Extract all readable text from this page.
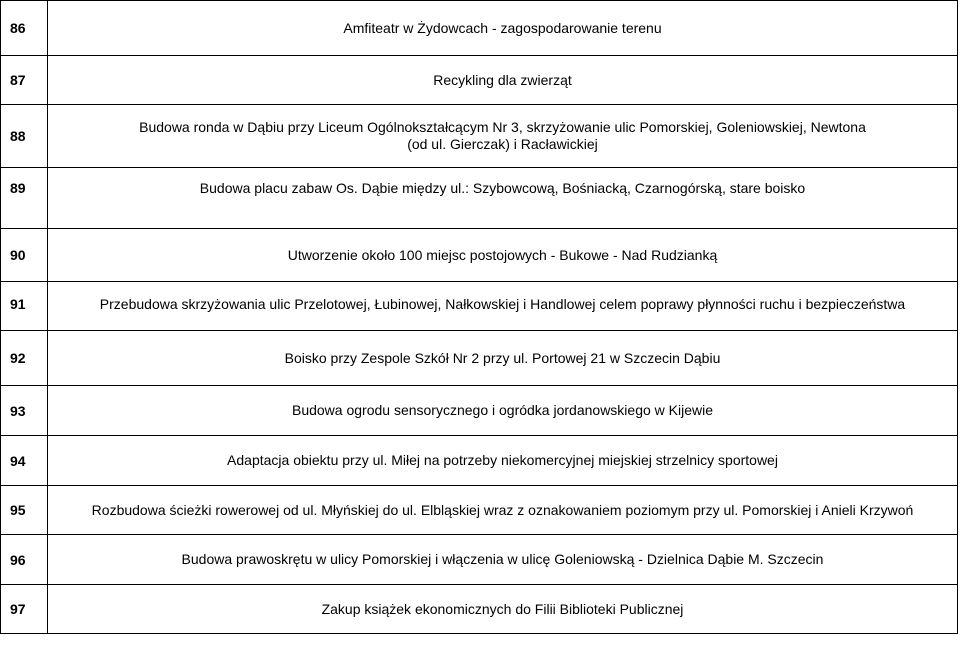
86	Amfiteatr w Żydowcach - zagospodarowanie terenu
87	Recykling dla zwierząt
88	Budowa ronda w Dąbiu przy Liceum Ogólnokształcącym Nr 3, skrzyżowanie ulic Pomorskiej, Goleniowskiej, Newtona (od ul. Gierczak) i Racławickiej
89	Budowa placu zabaw Os. Dąbie między ul.: Szybowcową, Bośniacką, Czarnogórską, stare boisko
90	Utworzenie około 100 miejsc postojowych - Bukowe - Nad Rudzianką
91	Przebudowa skrzyżowania ulic Przelotowej, Łubinowej, Nałkowskiej i Handlowej celem poprawy płynności ruchu i bezpieczeństwa
92	Boisko przy Zespole Szkół Nr 2 przy ul. Portowej 21 w Szczecin Dąbiu
93	Budowa ogrodu sensorycznego i ogródka jordanowskiego w Kijewie
94	Adaptacja obiektu przy ul. Miłej na potrzeby niekomercyjnej miejskiej strzelnicy sportowej
95	Rozbudowa ścieżki rowerowej od ul. Młyńskiej do ul. Elbląskiej wraz z oznakowaniem poziomym przy ul. Pomorskiej i Anieli Krzywoń
96	Budowa prawoskrętu w ulicy Pomorskiej i włączenia w ulicę Goleniowską - Dzielnica Dąbie M. Szczecin
97	Zakup książek ekonomicznych do Filii Biblioteki Publicznej
